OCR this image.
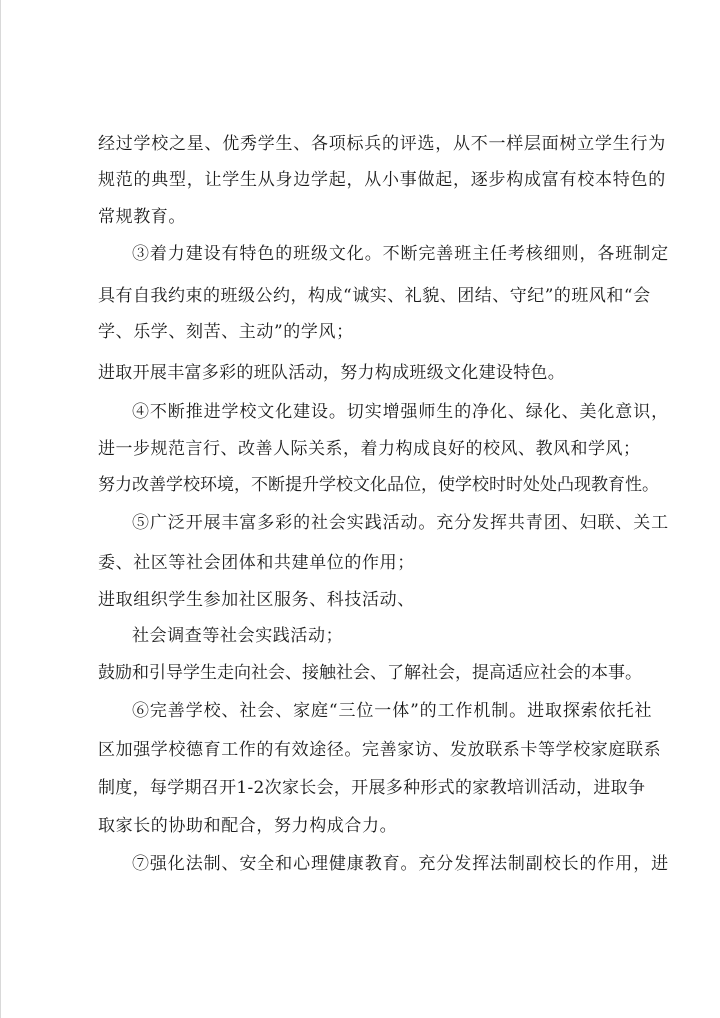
经过学校之星、优秀学生、各项标兵的评选，从不一样层面树立学生行为
规范的典型，让学生从身边学起，从小事做起，逐步构成富有校本特色的
常规教育。
③着力建设有特色的班级文化。不断完善班主任考核细则，各班制定
具有自我约束的班级公约，构成“诚实、礼貌、团结、守纪”的班风和“会
学、乐学、刻苦、主动”的学风；
进取开展丰富多彩的班队活动，努力构成班级文化建设特色。
④不断推进学校文化建设。切实增强师生的净化、绿化、美化意识，
进一步规范言行、改善人际关系，着力构成良好的校风、教风和学风；
努力改善学校环境，不断提升学校文化品位，使学校时时处处凸现教育性。
⑤广泛开展丰富多彩的社会实践活动。充分发挥共青团、妇联、关工
委、社区等社会团体和共建单位的作用；
进取组织学生参加社区服务、科技活动、
社会调查等社会实践活动；
鼓励和引导学生走向社会、接触社会、了解社会，提高适应社会的本事。
⑥完善学校、社会、家庭“三位一体”的工作机制。进取探索依托社
区加强学校德育工作的有效途径。完善家访、发放联系卡等学校家庭联系
制度，每学期召开1-2次家长会，开展多种形式的家教培训活动，进取争
取家长的协助和配合，努力构成合力。
⑦强化法制、安全和心理健康教育。充分发挥法制副校长的作用，进
